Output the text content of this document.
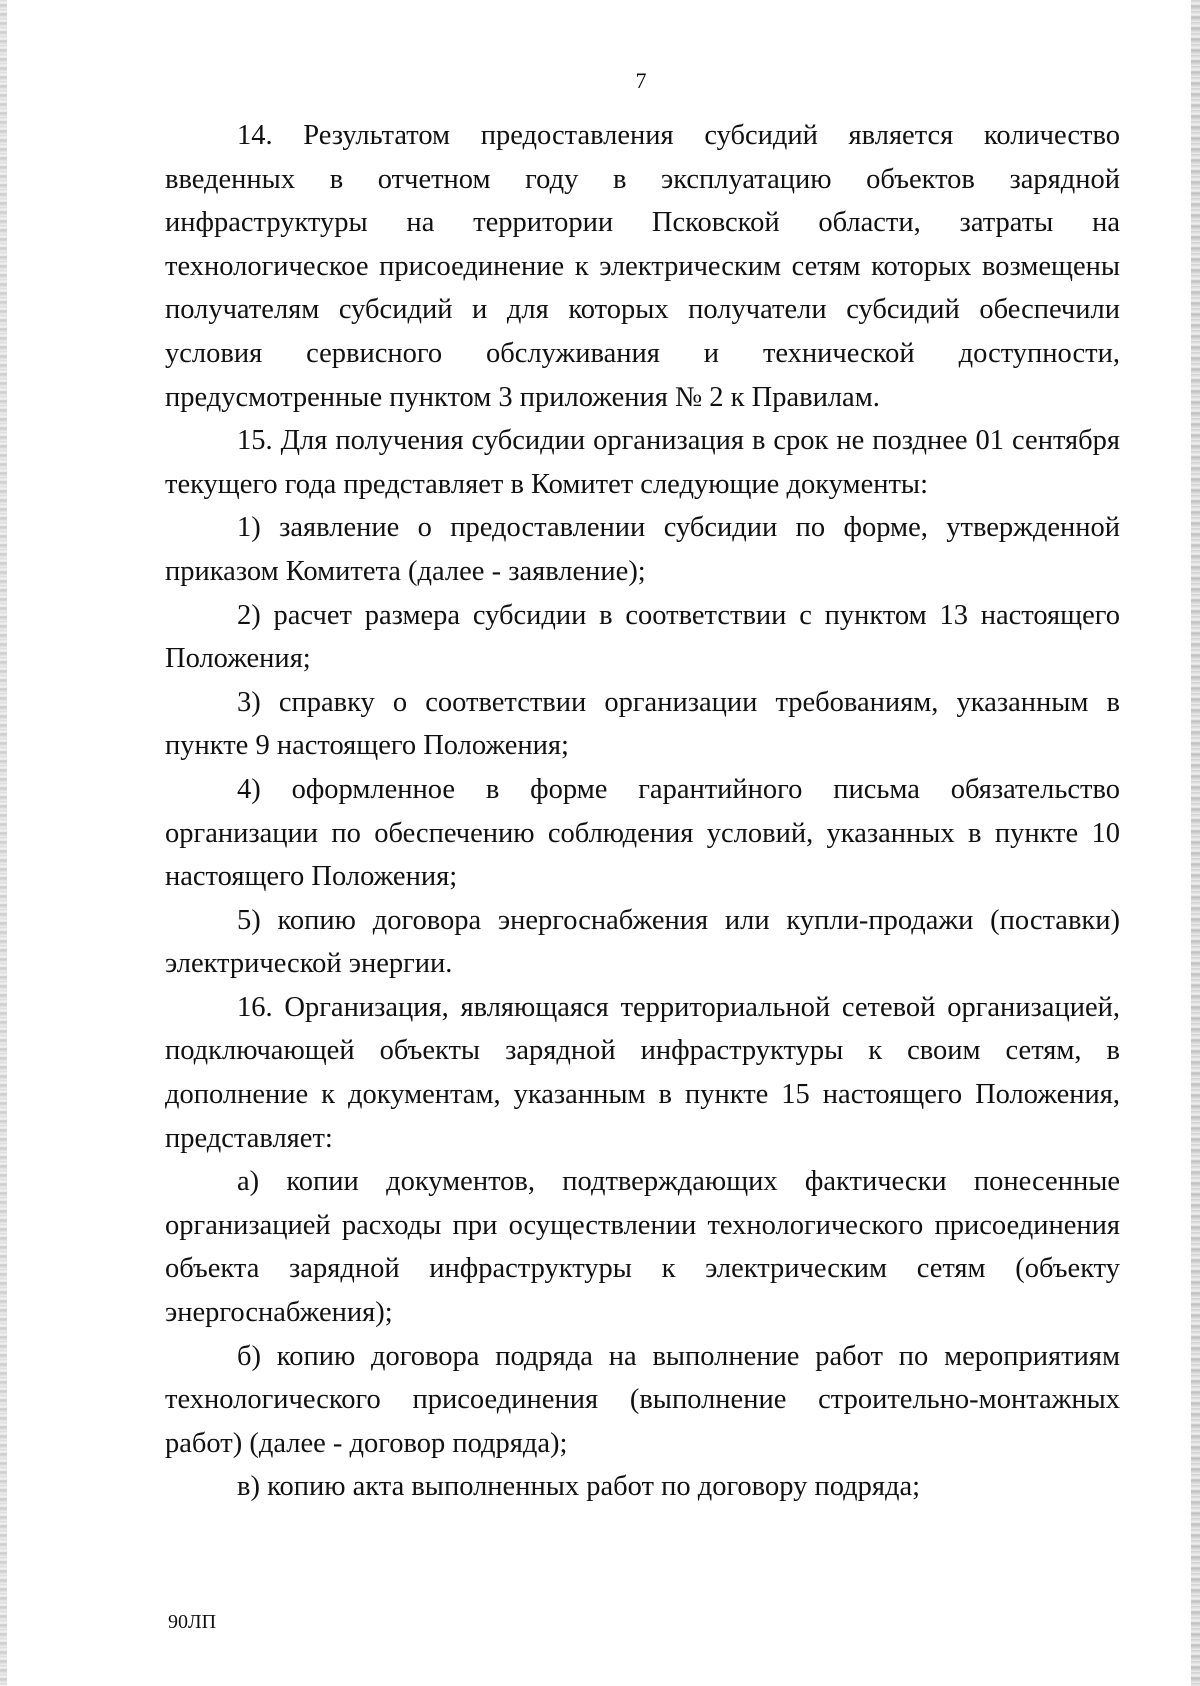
7

14. Результатом предоставления субсидий является количество введенных в отчетном году в эксплуатацию объектов зарядной инфраструктуры на территории Псковской области, затраты на технологическое присоединение к электрическим сетям которых возмещены получателям субсидий и для которых получатели субсидий обеспечили условия сервисного обслуживания и технической доступности, предусмотренные пунктом 3 приложения № 2 к Правилам.

15. Для получения субсидии организация в срок не позднее 01 сентября текущего года представляет в Комитет следующие документы:

1) заявление о предоставлении субсидии по форме, утвержденной приказом Комитета (далее - заявление);

2) расчет размера субсидии в соответствии с пунктом 13 настоящего Положения;

3) справку о соответствии организации требованиям, указанным в пункте 9 настоящего Положения;

4) оформленное в форме гарантийного письма обязательство организации по обеспечению соблюдения условий, указанных в пункте 10 настоящего Положения;

5) копию договора энергоснабжения или купли-продажи (поставки) электрической энергии.

16. Организация, являющаяся территориальной сетевой организацией, подключающей объекты зарядной инфраструктуры к своим сетям, в дополнение к документам, указанным в пункте 15 настоящего Положения, представляет:

а) копии документов, подтверждающих фактически понесенные организацией расходы при осуществлении технологического присоединения объекта зарядной инфраструктуры к электрическим сетям (объекту энергоснабжения);

б) копию договора подряда на выполнение работ по мероприятиям технологического присоединения (выполнение строительно-монтажных работ) (далее - договор подряда);

в) копию акта выполненных работ по договору подряда;

90ЛП
